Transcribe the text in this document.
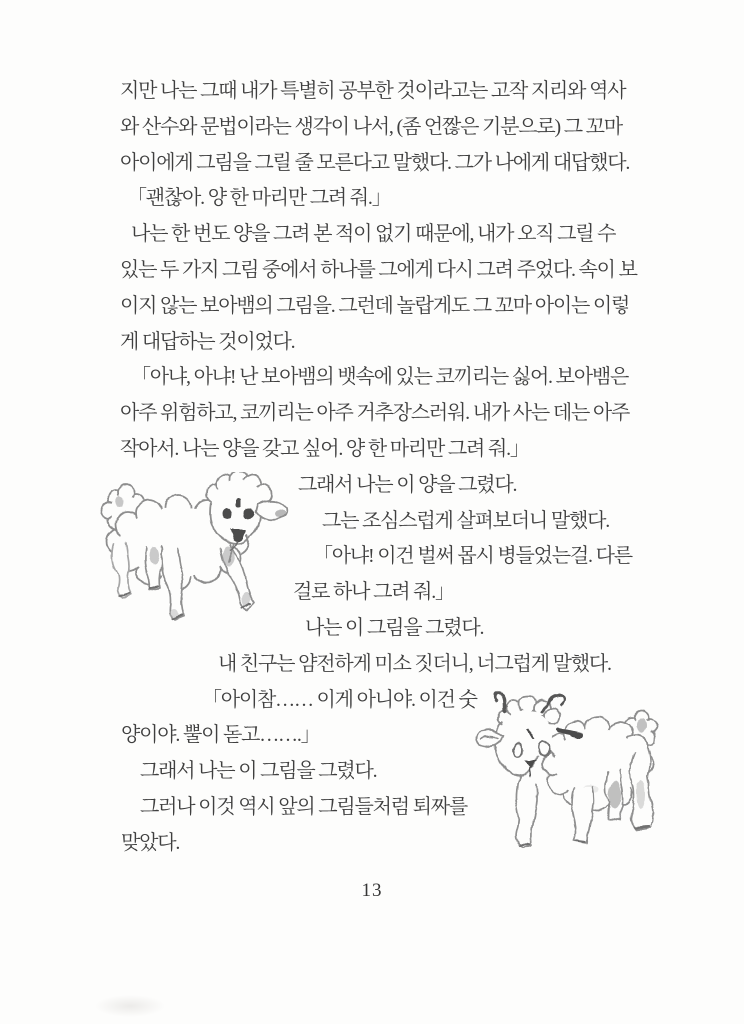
지만 나는 그때 내가 특별히 공부한 것이라고는 고작 지리와 역사
와 산수와 문법이라는 생각이 나서, (좀 언짢은 기분으로) 그 꼬마
아이에게 그림을 그릴 줄 모른다고 말했다. 그가 나에게 대답했다.
「괜찮아. 양 한 마리만 그려 줘.」
나는 한 번도 양을 그려 본 적이 없기 때문에, 내가 오직 그릴 수
있는 두 가지 그림 중에서 하나를 그에게 다시 그려 주었다. 속이 보
이지 않는 보아뱀의 그림을. 그런데 놀랍게도 그 꼬마 아이는 이렇
게 대답하는 것이었다.
「아냐, 아냐! 난 보아뱀의 뱃속에 있는 코끼리는 싫어. 보아뱀은
아주 위험하고, 코끼리는 아주 거추장스러워. 내가 사는 데는 아주
작아서. 나는 양을 갖고 싶어. 양 한 마리만 그려 줘.」
그래서 나는 이 양을 그렸다.
그는 조심스럽게 살펴보더니 말했다.
「아냐! 이건 벌써 몹시 병들었는걸. 다른
걸로 하나 그려 줘.」
나는 이 그림을 그렸다.
내 친구는 얌전하게 미소 짓더니, 너그럽게 말했다.
「아이참…… 이게 아니야. 이건 숫
양이야. 뿔이 돋고…….」
그래서 나는 이 그림을 그렸다.
그러나 이것 역시 앞의 그림들처럼 퇴짜를
맞았다.
13
